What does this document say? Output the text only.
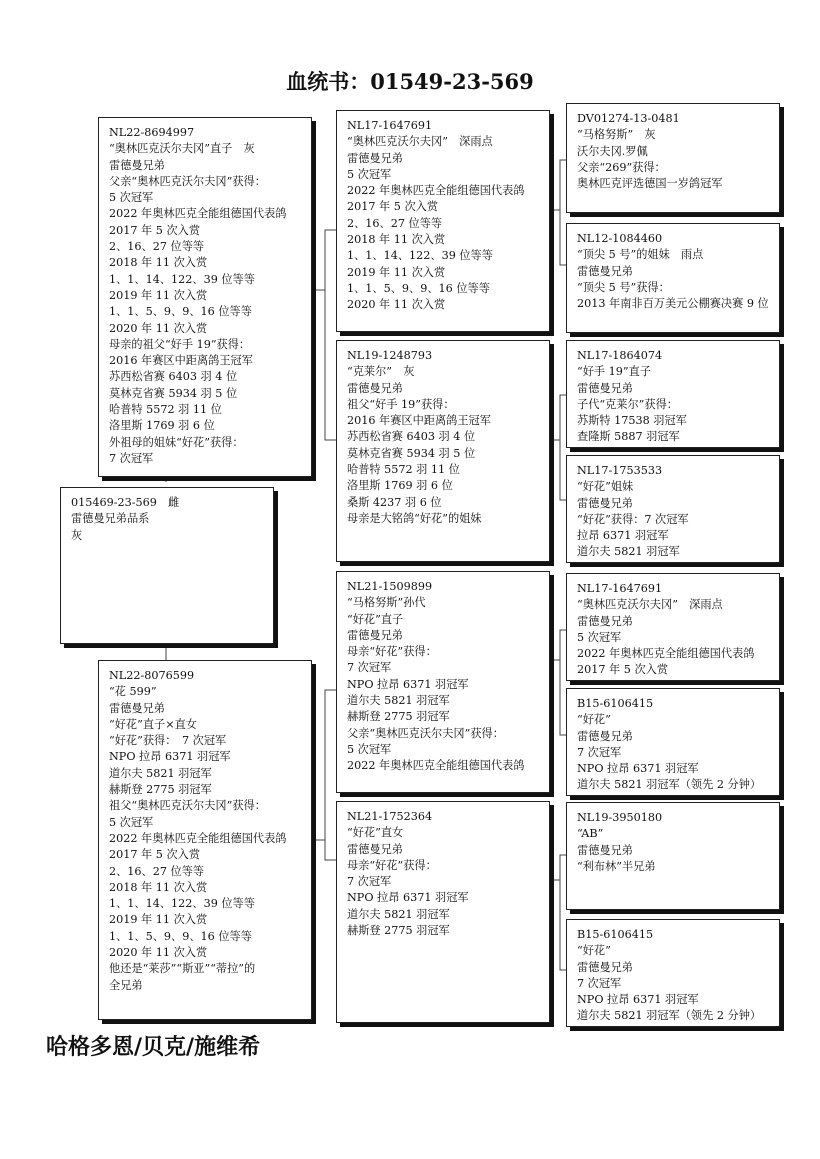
血统书：01549-23-569
NL22-8694997
“奥林匹克沃尔夫冈”直子　灰
雷德曼兄弟
父亲“奥林匹克沃尔夫冈”获得：
5 次冠军
2022 年奥林匹克全能组德国代表鸽
2017 年 5 次入赏
2、16、27 位等等
2018 年 11 次入赏
1、1、14、122、39 位等等
2019 年 11 次入赏
1、1、5、9、9、16 位等等
2020 年 11 次入赏
母亲的祖父“好手 19”获得：
2016 年赛区中距离鸽王冠军
苏西松省赛 6403 羽 4 位
莫林克省赛 5934 羽 5 位
哈普特 5572 羽 11 位
洛里斯 1769 羽 6 位
外祖母的姐妹“好花”获得：
7 次冠军
015469-23-569　雌
雷德曼兄弟品系
灰
NL22-8076599
“花 599”
雷德曼兄弟
“好花”直子×直女
“好花”获得：　7 次冠军
NPO 拉昂 6371 羽冠军
道尔夫 5821 羽冠军
赫斯登 2775 羽冠军
祖父“奥林匹克沃尔夫冈”获得：
5 次冠军
2022 年奥林匹克全能组德国代表鸽
2017 年 5 次入赏
2、16、27 位等等
2018 年 11 次入赏
1、1、14、122、39 位等等
2019 年 11 次入赏
1、1、5、9、9、16 位等等
2020 年 11 次入赏
他还是“莱莎”“斯亚”“蒂拉”的
全兄弟
NL17-1647691
“奥林匹克沃尔夫冈”　深雨点
雷德曼兄弟
5 次冠军
2022 年奥林匹克全能组德国代表鸽
2017 年 5 次入赏
2、16、27 位等等
2018 年 11 次入赏
1、1、14、122、39 位等等
2019 年 11 次入赏
1、1、5、9、9、16 位等等
2020 年 11 次入赏
NL19-1248793
“克莱尔”　灰
雷德曼兄弟
祖父“好手 19”获得：
2016 年赛区中距离鸽王冠军
苏西松省赛 6403 羽 4 位
莫林克省赛 5934 羽 5 位
哈普特 5572 羽 11 位
洛里斯 1769 羽 6 位
桑斯 4237 羽 6 位
母亲是大铭鸽“好花”的姐妹
NL21-1509899
“马格努斯”孙代
“好花”直子
雷德曼兄弟
母亲“好花”获得：
7 次冠军
NPO 拉昂 6371 羽冠军
道尔夫 5821 羽冠军
赫斯登 2775 羽冠军
父亲“奥林匹克沃尔夫冈”获得：
5 次冠军
2022 年奥林匹克全能组德国代表鸽
NL21-1752364
“好花”直女
雷德曼兄弟
母亲“好花”获得：
7 次冠军
NPO 拉昂 6371 羽冠军
道尔夫 5821 羽冠军
赫斯登 2775 羽冠军
DV01274-13-0481
“马格努斯”　灰
沃尔夫冈.罗佩
父亲“269”获得：
奥林匹克评选德国一岁鸽冠军
NL12-1084460
“顶尖 5 号”的姐妹　雨点
雷德曼兄弟
“顶尖 5 号”获得：
2013 年南非百万美元公棚赛决赛 9 位
NL17-1864074
“好手 19”直子
雷德曼兄弟
子代“克莱尔”获得：
苏斯特 17538 羽冠军
查隆斯 5887 羽冠军
NL17-1753533
“好花”姐妹
雷德曼兄弟
“好花”获得：7 次冠军
拉昂 6371 羽冠军
道尔夫 5821 羽冠军
NL17-1647691
“奥林匹克沃尔夫冈”　深雨点
雷德曼兄弟
5 次冠军
2022 年奥林匹克全能组德国代表鸽
2017 年 5 次入赏
B15-6106415
“好花”
雷德曼兄弟
7 次冠军
NPO 拉昂 6371 羽冠军
道尔夫 5821 羽冠军（领先 2 分钟）
NL19-3950180
“AB”
雷德曼兄弟
“利布林”半兄弟
B15-6106415
“好花”
雷德曼兄弟
7 次冠军
NPO 拉昂 6371 羽冠军
道尔夫 5821 羽冠军（领先 2 分钟）
哈格多恩/贝克/施维希
